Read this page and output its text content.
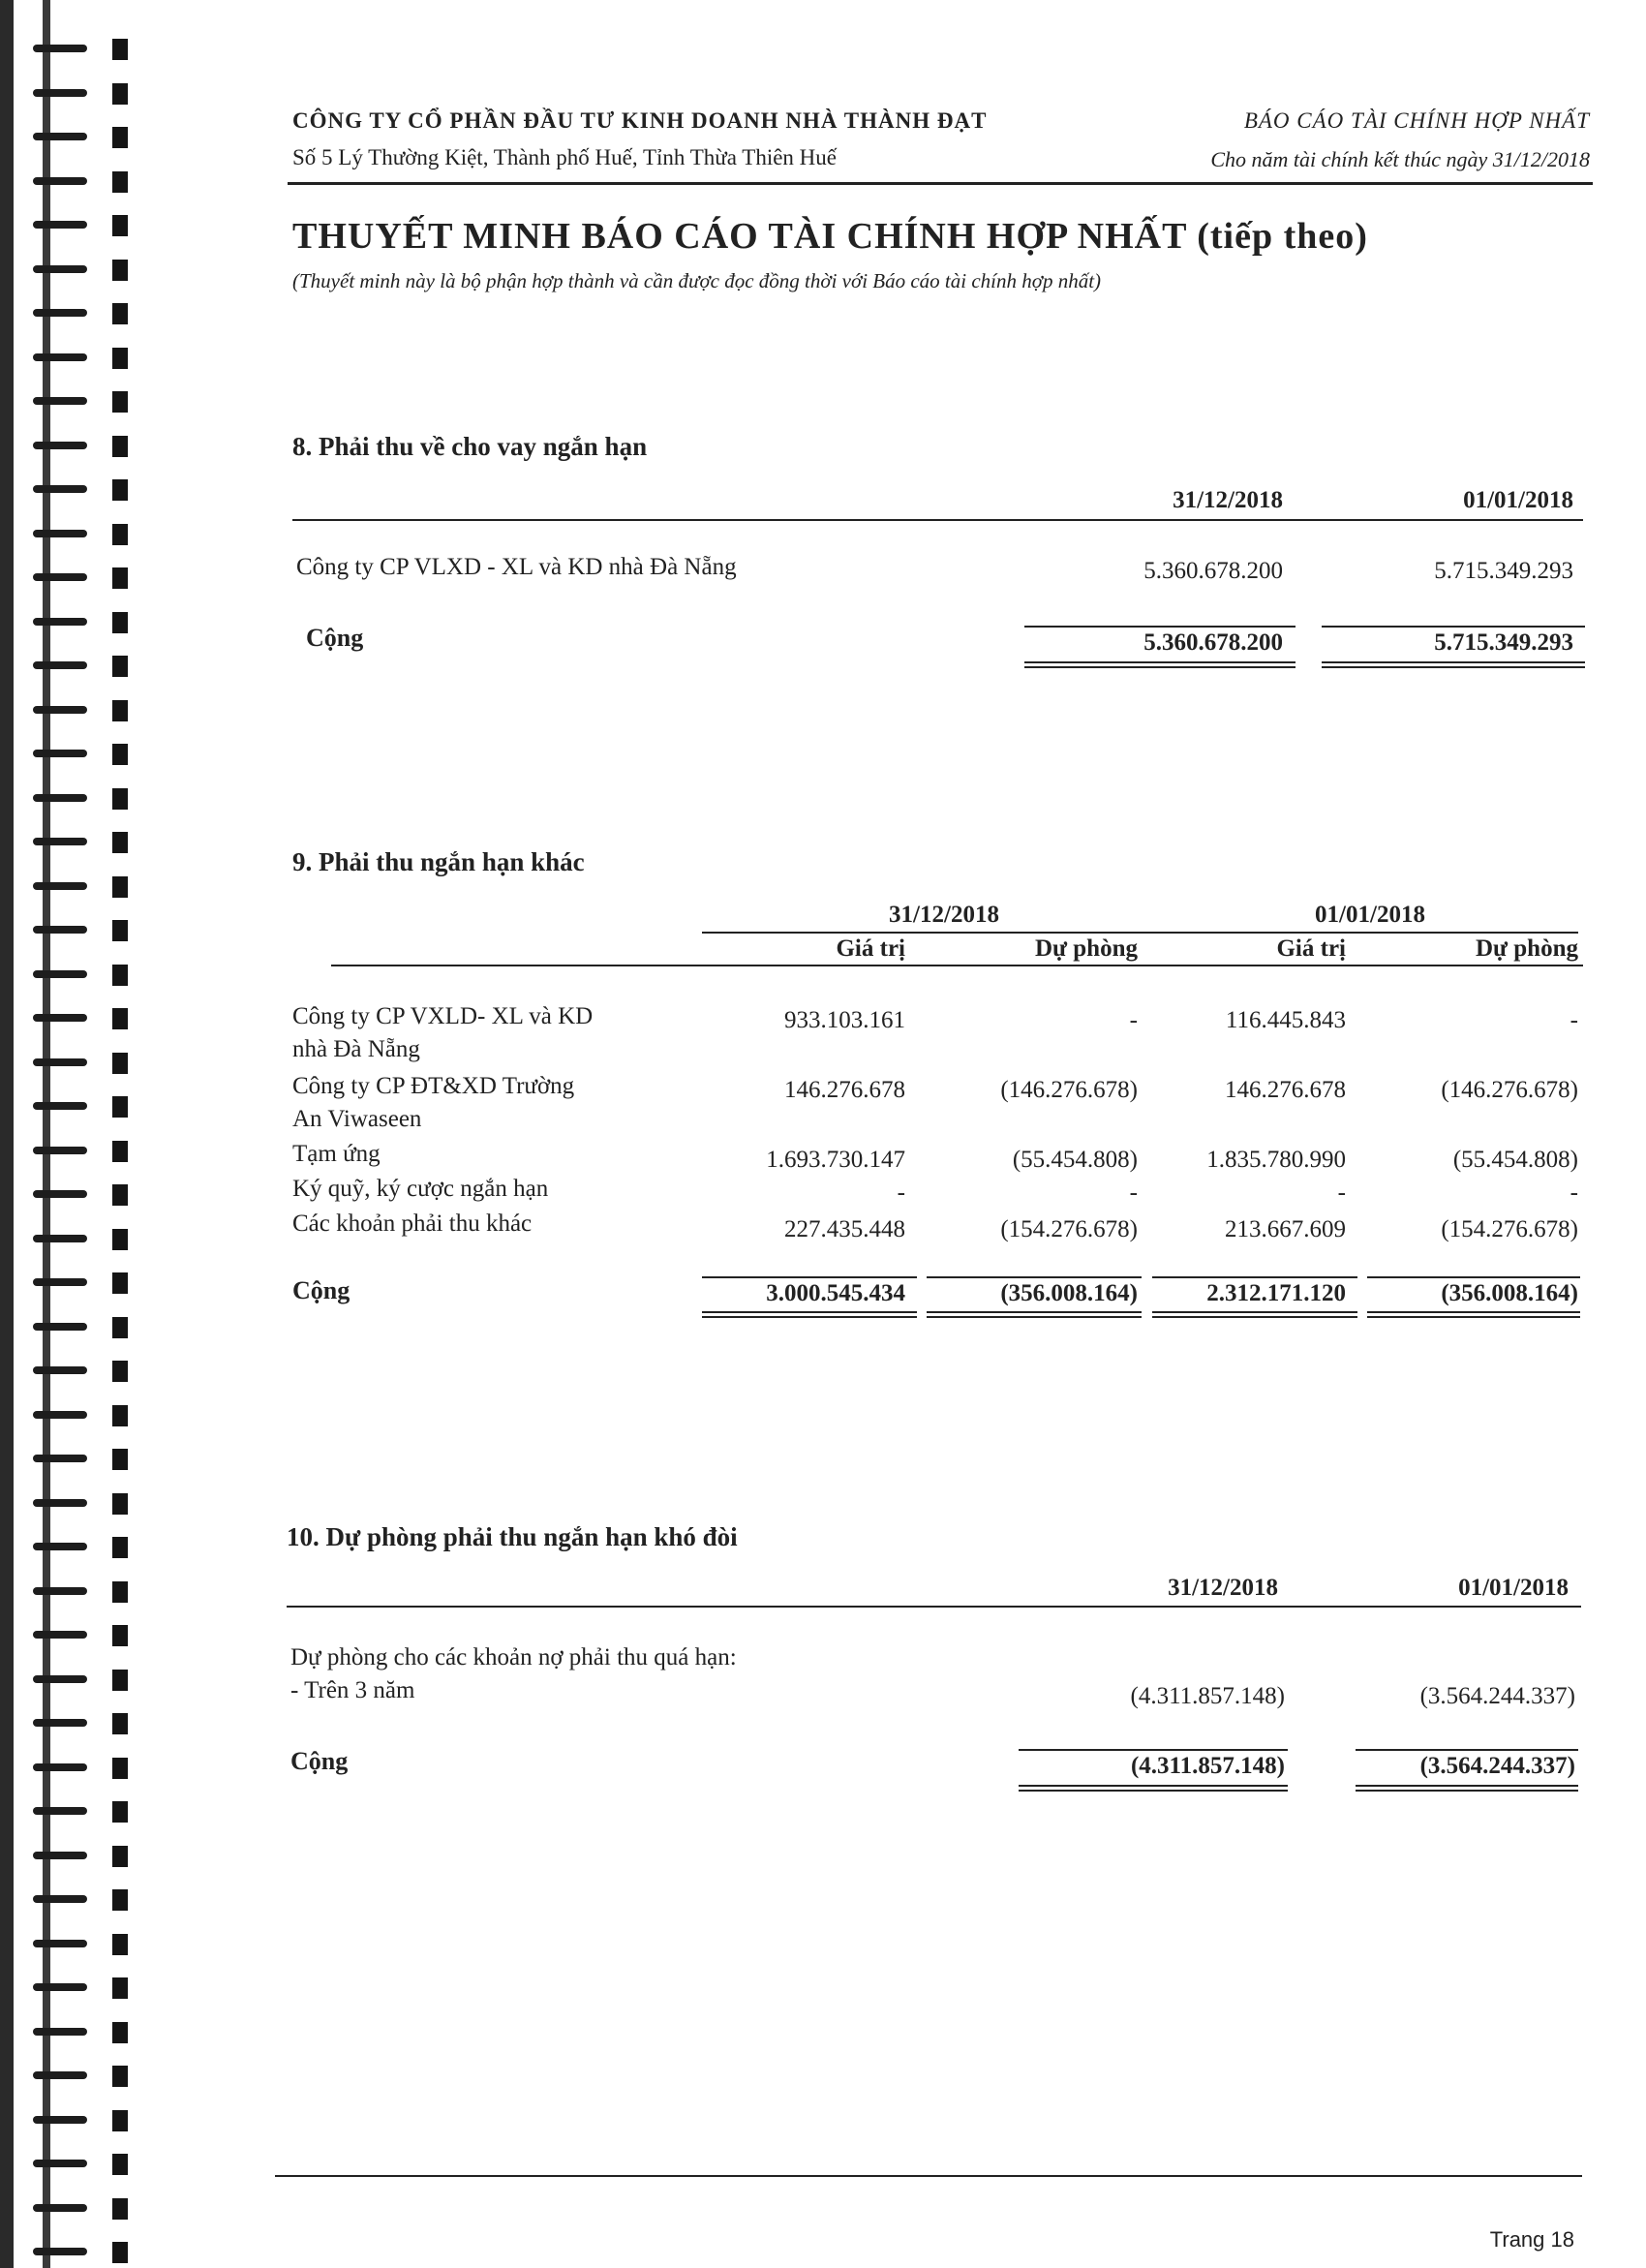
CÔNG TY CỔ PHẦN ĐẦU TƯ KINH DOANH NHÀ THÀNH ĐẠT	BÁO CÁO TÀI CHÍNH HỢP NHẤT
Số 5 Lý Thường Kiệt, Thành phố Huế, Tỉnh Thừa Thiên Huế	Cho năm tài chính kết thúc ngày 31/12/2018
THUYẾT MINH BÁO CÁO TÀI CHÍNH HỢP NHẤT (tiếp theo)
(Thuyết minh này là bộ phận hợp thành và cần được đọc đồng thời với Báo cáo tài chính hợp nhất)
8. Phải thu về cho vay ngắn hạn
31/12/2018	01/01/2018
Công ty CP VLXD - XL và KD nhà Đà Nẵng	5.360.678.200	5.715.349.293
Cộng	5.360.678.200	5.715.349.293
9. Phải thu ngắn hạn khác
31/12/2018	01/01/2018
Giá trị	Dự phòng	Giá trị	Dự phòng
Công ty CP VXLD- XL và KD
nhà Đà Nẵng
933.103.161	-	116.445.843	-
Công ty CP ĐT&XD Trường
An Viwaseen
146.276.678	(146.276.678)	146.276.678	(146.276.678)
Tạm ứng	1.693.730.147	(55.454.808)	1.835.780.990	(55.454.808)
Ký quỹ, ký cược ngắn hạn	-	-	-	-
Các khoản phải thu khác	227.435.448	(154.276.678)	213.667.609	(154.276.678)
Cộng	3.000.545.434	(356.008.164)	2.312.171.120	(356.008.164)
10. Dự phòng phải thu ngắn hạn khó đòi
31/12/2018	01/01/2018
Dự phòng cho các khoản nợ phải thu quá hạn:
- Trên 3 năm	(4.311.857.148)	(3.564.244.337)
Cộng	(4.311.857.148)	(3.564.244.337)
Trang 18
